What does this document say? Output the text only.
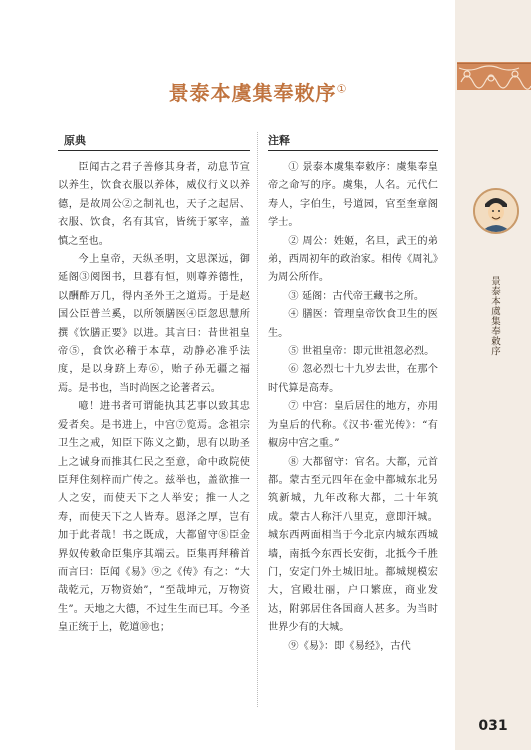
景泰本虞集奉敕序
031
景泰本虞集奉敕序①
原典

臣闻古之君子善修其身者，动息节宣以养生，饮食衣服以养体，威仪行义以养德，是故周公②之制礼也，天子之起居、衣服、饮食，名有其官，皆统于冢宰，盖慎之至也。

今上皇帝，天纵圣明，文思深远，御延阁③阅图书，旦暮有恒，则尊养德性，以酬酢万几，得内圣外王之道焉。于是赵国公臣普兰奚，以所领膳医④臣忽思慧所撰《饮膳正要》以进。其言曰：昔世祖皇帝⑤，食饮必稽于本草，动静必准乎法度，是以身跻上寿⑥，贻子孙无疆之福焉。是书也，当时尚医之论著者云。

噫！进书者可谓能执其艺事以致其忠爱者矣。是书进上，中宫⑦览焉。念祖宗卫生之戒，知臣下陈义之勤，思有以助圣上之诚身而推其仁民之至意，命中政院使臣拜住刻梓而广传之。兹举也，盖欲推一人之安，而使天下之人举安；推一人之寿，而使天下之人皆寿。恩泽之厚，岂有加于此者哉！书之既成，大都留守⑧臣金界奴传敕命臣集序其端云。臣集再拜稽首而言曰：臣闻《易》⑨之《传》有之：“大哉乾元，万物资始”，“至哉坤元，万物资生”。天地之大德，不过生生而已耳。今圣皇正统于上，乾道⑩也；

注释

① 景泰本虞集奉敕序：虞集奉皇帝之命写的序。虞集，人名。元代仁寿人，字伯生，号道园，官至奎章阁学士。

② 周公：姓姬，名旦，武王的弟弟，西周初年的政治家。相传《周礼》为周公所作。

③ 延阁：古代帝王藏书之所。

④ 膳医：管理皇帝饮食卫生的医生。

⑤ 世祖皇帝：即元世祖忽必烈。

⑥ 忽必烈七十九岁去世，在那个时代算是高寿。

⑦ 中宫：皇后居住的地方，亦用为皇后的代称。《汉书·霍光传》：“有椒房中宫之重。”

⑧ 大都留守：官名。大都，元首都。蒙古至元四年在金中都城东北另筑新城，九年改称大都，二十年筑成。蒙古人称汗八里克，意即汗城。城东西两面相当于今北京内城东西城墙，南抵今东西长安街，北抵今千胜门，安定门外土城旧址。都城规模宏大，宫殿壮丽，户口繁庶，商业发达，附郭居住各国商人甚多。为当时世界少有的大城。

⑨《易》：即《易经》，古代
